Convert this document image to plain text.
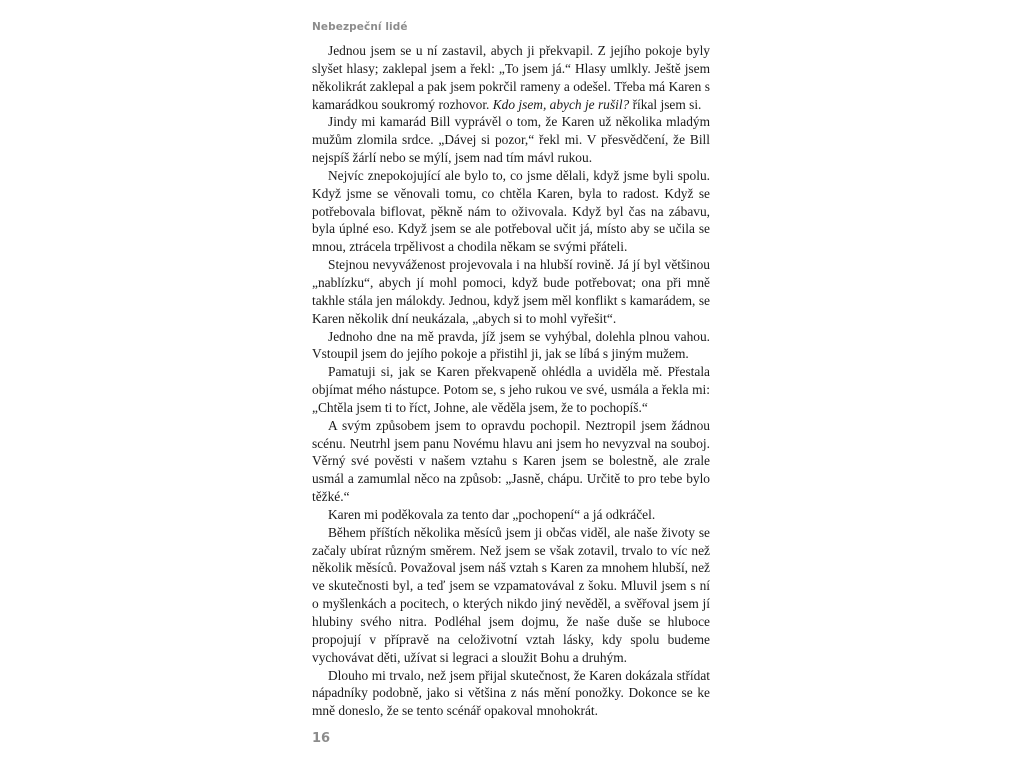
Nebezpeční lidé

Jednou jsem se u ní zastavil, abych ji překvapil. Z jejího pokoje byly slyšet hlasy; zaklepal jsem a řekl: „To jsem já.“ Hlasy umlkly. Ještě jsem několikrát zaklepal a pak jsem pokrčil rameny a odešel. Třeba má Karen s kamarádkou soukromý rozhovor. Kdo jsem, abych je rušil? říkal jsem si.

Jindy mi kamarád Bill vyprávěl o tom, že Karen už několika mladým mužům zlomila srdce. „Dávej si pozor,“ řekl mi. V přesvědčení, že Bill nejspíš žárlí nebo se mýlí, jsem nad tím mávl rukou.

Nejvíc znepokojující ale bylo to, co jsme dělali, když jsme byli spolu. Když jsme se věnovali tomu, co chtěla Karen, byla to radost. Když se potřebovala biflovat, pěkně nám to oživovala. Když byl čas na zábavu, byla úplné eso. Když jsem se ale potřeboval učit já, místo aby se učila se mnou, ztrácela trpělivost a chodila někam se svými přáteli.

Stejnou nevyváženost projevovala i na hlubší rovině. Já jí byl většinou „nablízku“, abych jí mohl pomoci, když bude potřebovat; ona při mně takhle stála jen málokdy. Jednou, když jsem měl konflikt s kamarádem, se Karen několik dní neukázala, „abych si to mohl vyřešit“.

Jednoho dne na mě pravda, jíž jsem se vyhýbal, dolehla plnou vahou. Vstoupil jsem do jejího pokoje a přistihl ji, jak se líbá s jiným mužem.

Pamatuji si, jak se Karen překvapeně ohlédla a uviděla mě. Přestala objímat mého nástupce. Potom se, s jeho rukou ve své, usmála a řekla mi: „Chtěla jsem ti to říct, Johne, ale věděla jsem, že to pochopíš.“

A svým způsobem jsem to opravdu pochopil. Neztropil jsem žádnou scénu. Neutrhl jsem panu Novému hlavu ani jsem ho nevyzval na souboj. Věrný své pověsti v našem vztahu s Karen jsem se bolestně, ale zrale usmál a zamumlal něco na způsob: „Jasně, chápu. Určitě to pro tebe bylo těžké.“

Karen mi poděkovala za tento dar „pochopení“ a já odkráčel.

Během příštích několika měsíců jsem ji občas viděl, ale naše životy se začaly ubírat různým směrem. Než jsem se však zotavil, trvalo to víc než několik měsíců. Považoval jsem náš vztah s Karen za mnohem hlubší, než ve skutečnosti byl, a teď jsem se vzpamatovával z šoku. Mluvil jsem s ní o myšlenkách a pocitech, o kterých nikdo jiný nevěděl, a svěřoval jsem jí hlubiny svého nitra. Podléhal jsem dojmu, že naše duše se hluboce propojují v přípravě na celoživotní vztah lásky, kdy spolu budeme vychovávat děti, užívat si legraci a sloužit Bohu a druhým.

Dlouho mi trvalo, než jsem přijal skutečnost, že Karen dokázala střídat nápadníky podobně, jako si většina z nás mění ponožky. Dokonce se ke mně doneslo, že se tento scénář opakoval mnohokrát.

16
